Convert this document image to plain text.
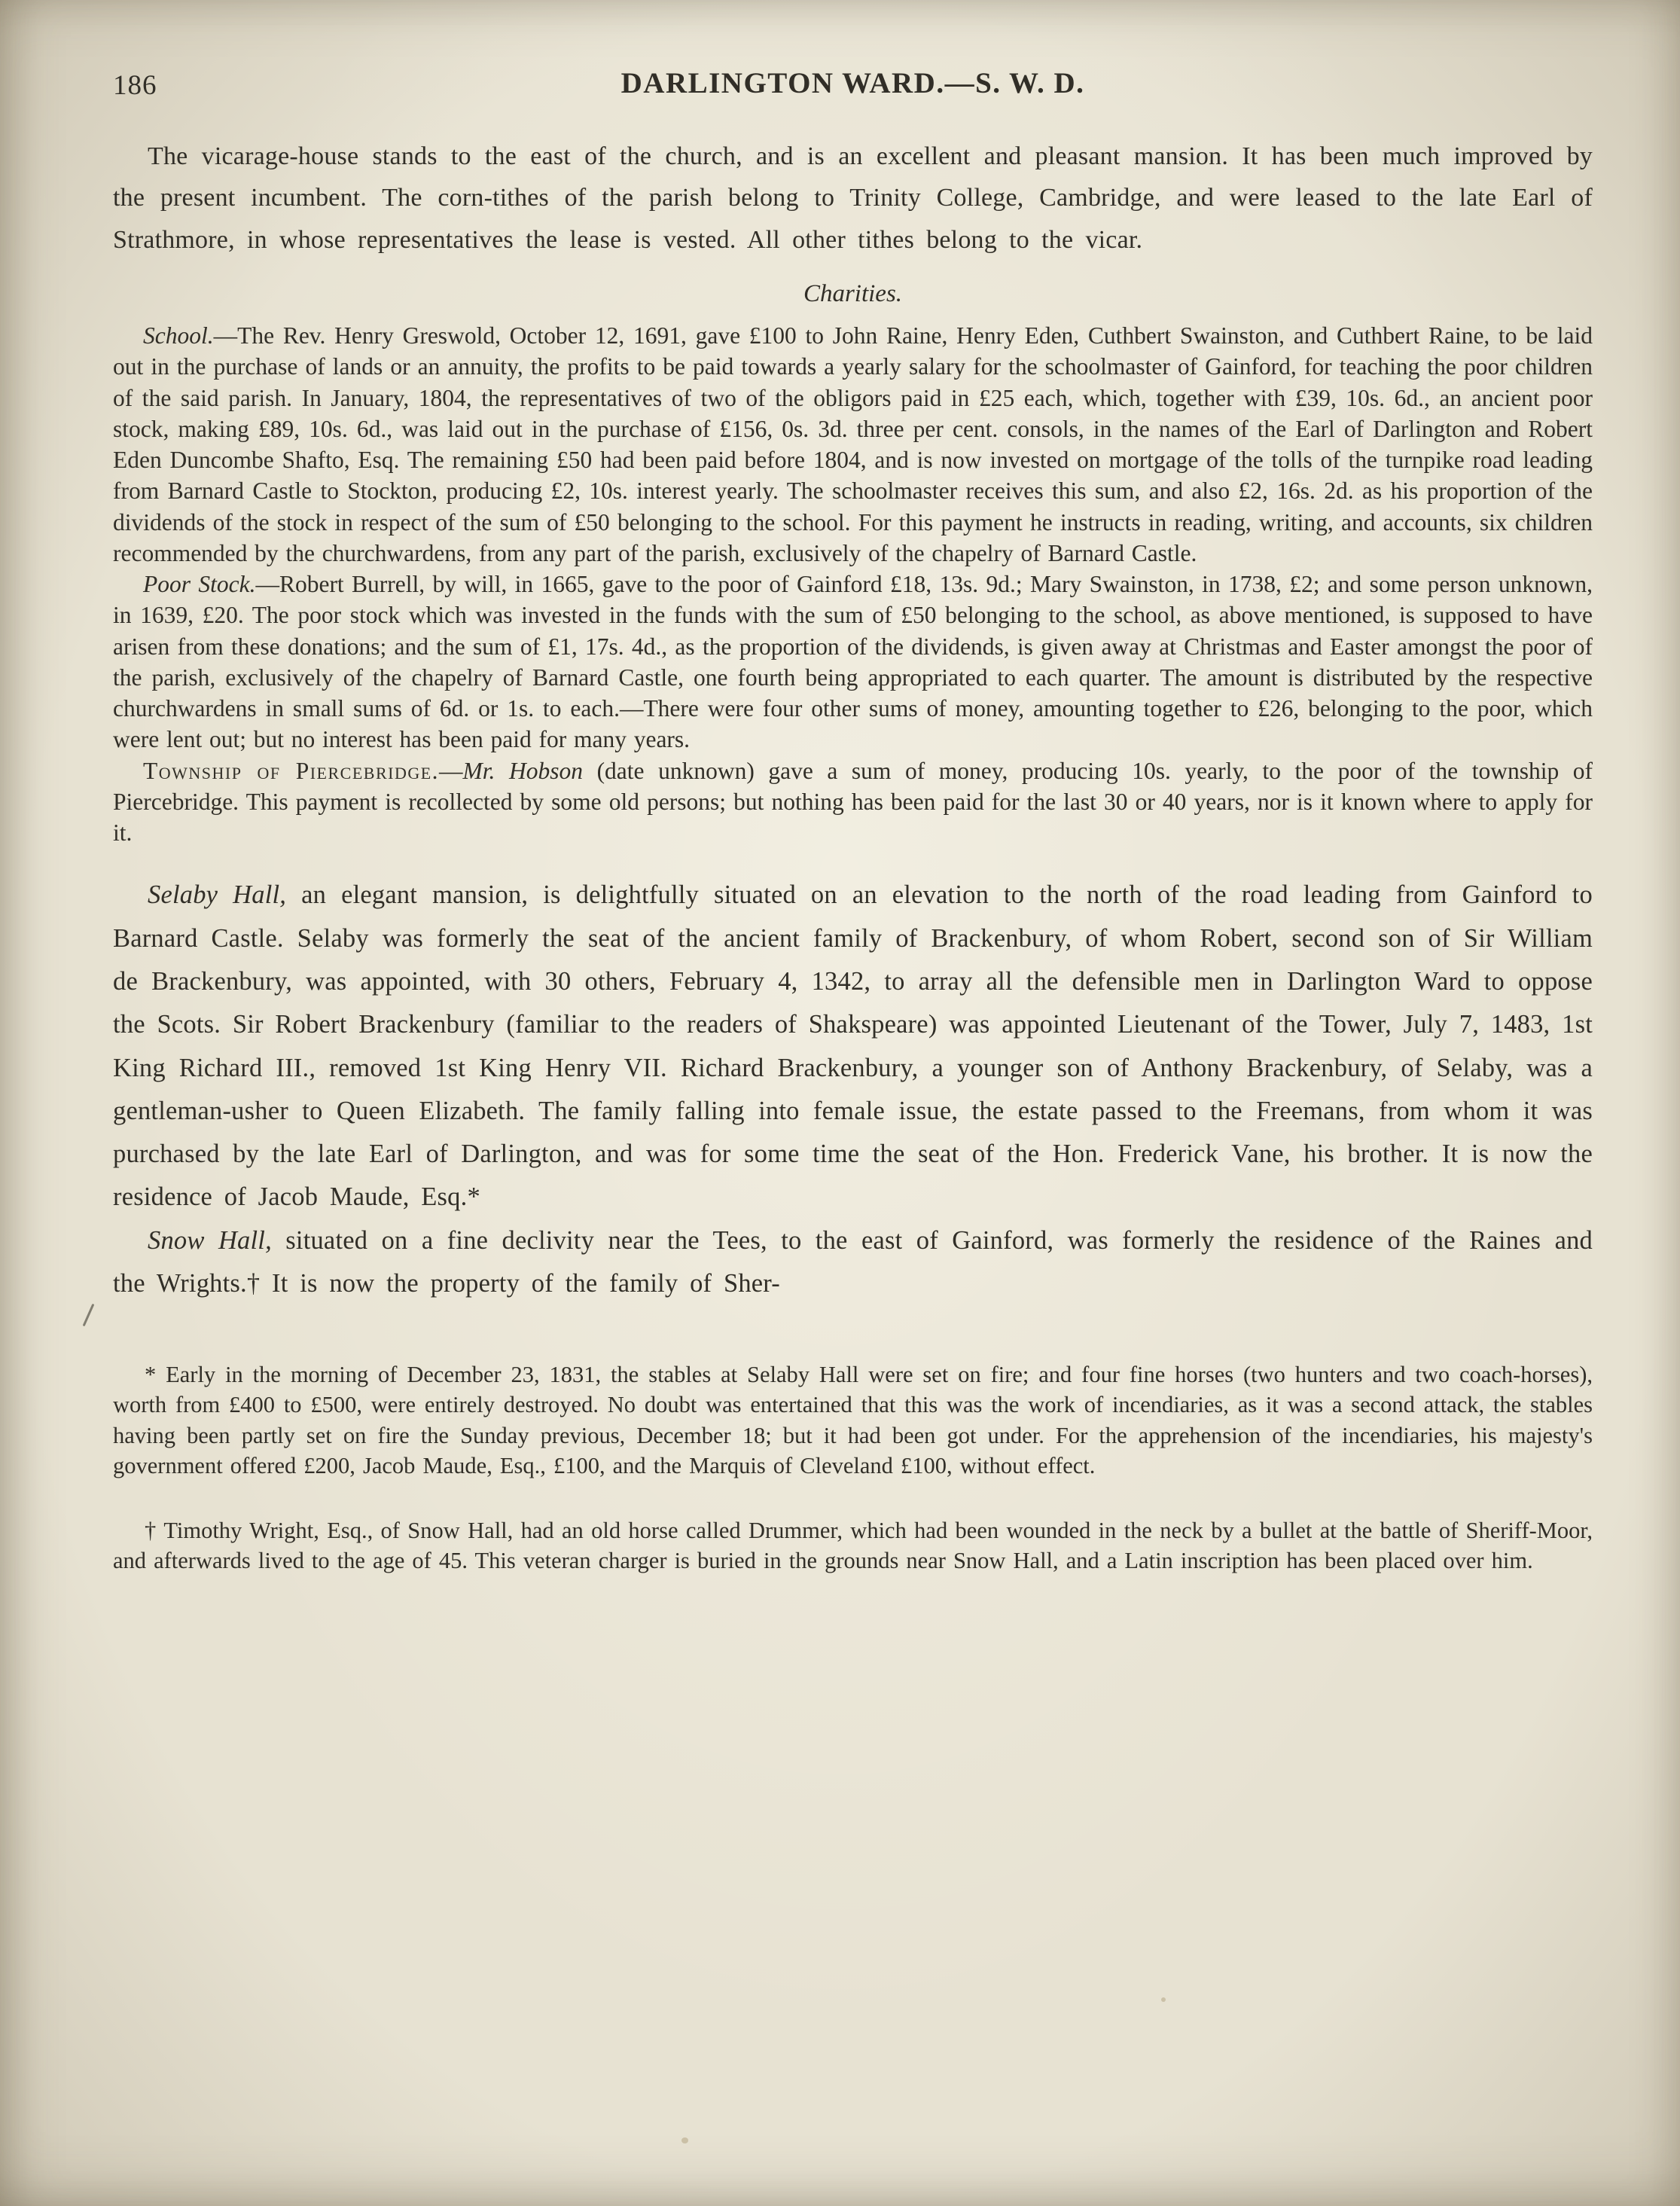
186	DARLINGTON WARD.—S. W. D.

The vicarage-house stands to the east of the church, and is an excellent and pleasant mansion. It has been much improved by the present incumbent. The corn-tithes of the parish belong to Trinity College, Cambridge, and were leased to the late Earl of Strathmore, in whose representatives the lease is vested. All other tithes belong to the vicar.

Charities.

School.—The Rev. Henry Greswold, October 12, 1691, gave £100 to John Raine, Henry Eden, Cuthbert Swainston, and Cuthbert Raine, to be laid out in the purchase of lands or an annuity, the profits to be paid towards a yearly salary for the schoolmaster of Gainford, for teaching the poor children of the said parish. In January, 1804, the representatives of two of the obligors paid in £25 each, which, together with £39, 10s. 6d., an ancient poor stock, making £89, 10s. 6d., was laid out in the purchase of £156, 0s. 3d. three per cent. consols, in the names of the Earl of Darlington and Robert Eden Duncombe Shafto, Esq. The remaining £50 had been paid before 1804, and is now invested on mortgage of the tolls of the turnpike road leading from Barnard Castle to Stockton, producing £2, 10s. interest yearly. The schoolmaster receives this sum, and also £2, 16s. 2d. as his proportion of the dividends of the stock in respect of the sum of £50 belonging to the school. For this payment he instructs in reading, writing, and accounts, six children recommended by the churchwardens, from any part of the parish, exclusively of the chapelry of Barnard Castle.

Poor Stock.—Robert Burrell, by will, in 1665, gave to the poor of Gainford £18, 13s. 9d.; Mary Swainston, in 1738, £2; and some person unknown, in 1639, £20. The poor stock which was invested in the funds with the sum of £50 belonging to the school, as above mentioned, is supposed to have arisen from these donations; and the sum of £1, 17s. 4d., as the proportion of the dividends, is given away at Christmas and Easter amongst the poor of the parish, exclusively of the chapelry of Barnard Castle, one fourth being appropriated to each quarter. The amount is distributed by the respective churchwardens in small sums of 6d. or 1s. to each.—There were four other sums of money, amounting together to £26, belonging to the poor, which were lent out; but no interest has been paid for many years.

Township of Piercebridge.—Mr. Hobson (date unknown) gave a sum of money, producing 10s. yearly, to the poor of the township of Piercebridge. This payment is recollected by some old persons; but nothing has been paid for the last 30 or 40 years, nor is it known where to apply for it.

Selaby Hall, an elegant mansion, is delightfully situated on an elevation to the north of the road leading from Gainford to Barnard Castle. Selaby was formerly the seat of the ancient family of Brackenbury, of whom Robert, second son of Sir William de Brackenbury, was appointed, with 30 others, February 4, 1342, to array all the defensible men in Darlington Ward to oppose the Scots. Sir Robert Brackenbury (familiar to the readers of Shakspeare) was appointed Lieutenant of the Tower, July 7, 1483, 1st King Richard III., removed 1st King Henry VII. Richard Brackenbury, a younger son of Anthony Brackenbury, of Selaby, was a gentleman-usher to Queen Elizabeth. The family falling into female issue, the estate passed to the Freemans, from whom it was purchased by the late Earl of Darlington, and was for some time the seat of the Hon. Frederick Vane, his brother. It is now the residence of Jacob Maude, Esq.*

Snow Hall, situated on a fine declivity near the Tees, to the east of Gainford, was formerly the residence of the Raines and the Wrights.† It is now the property of the family of Sher-

* Early in the morning of December 23, 1831, the stables at Selaby Hall were set on fire; and four fine horses (two hunters and two coach-horses), worth from £400 to £500, were entirely destroyed. No doubt was entertained that this was the work of incendiaries, as it was a second attack, the stables having been partly set on fire the Sunday previous, December 18; but it had been got under. For the apprehension of the incendiaries, his majesty's government offered £200, Jacob Maude, Esq., £100, and the Marquis of Cleveland £100, without effect.

† Timothy Wright, Esq., of Snow Hall, had an old horse called Drummer, which had been wounded in the neck by a bullet at the battle of Sheriff-Moor, and afterwards lived to the age of 45. This veteran charger is buried in the grounds near Snow Hall, and a Latin inscription has been placed over him.
